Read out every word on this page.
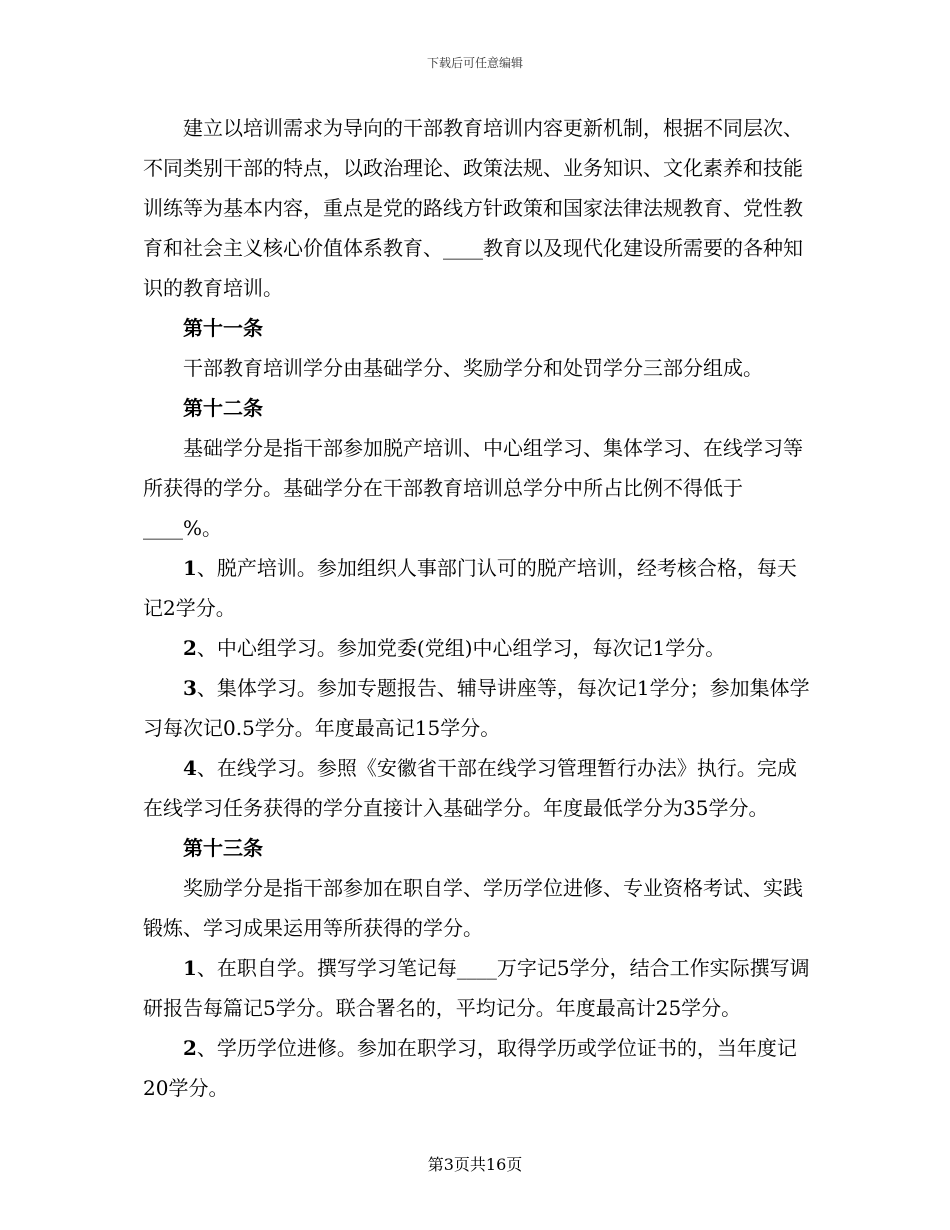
下载后可任意编辑

建立以培训需求为导向的干部教育培训内容更新机制，根据不同层次、不同类别干部的特点，以政治理论、政策法规、业务知识、文化素养和技能训练等为基本内容，重点是党的路线方针政策和国家法律法规教育、党性教育和社会主义核心价值体系教育、____教育以及现代化建设所需要的各种知识的教育培训。

第十一条

干部教育培训学分由基础学分、奖励学分和处罚学分三部分组成。

第十二条

基础学分是指干部参加脱产培训、中心组学习、集体学习、在线学习等所获得的学分。基础学分在干部教育培训总学分中所占比例不得低于____%。

1、脱产培训。参加组织人事部门认可的脱产培训，经考核合格，每天记2学分。

2、中心组学习。参加党委(党组)中心组学习，每次记1学分。

3、集体学习。参加专题报告、辅导讲座等，每次记1学分；参加集体学习每次记0.5学分。年度最高记15学分。

4、在线学习。参照《安徽省干部在线学习管理暂行办法》执行。完成在线学习任务获得的学分直接计入基础学分。年度最低学分为35学分。

第十三条

奖励学分是指干部参加在职自学、学历学位进修、专业资格考试、实践锻炼、学习成果运用等所获得的学分。

1、在职自学。撰写学习笔记每____万字记5学分，结合工作实际撰写调研报告每篇记5学分。联合署名的，平均记分。年度最高计25学分。

2、学历学位进修。参加在职学习，取得学历或学位证书的，当年度记20学分。

第3页共16页
